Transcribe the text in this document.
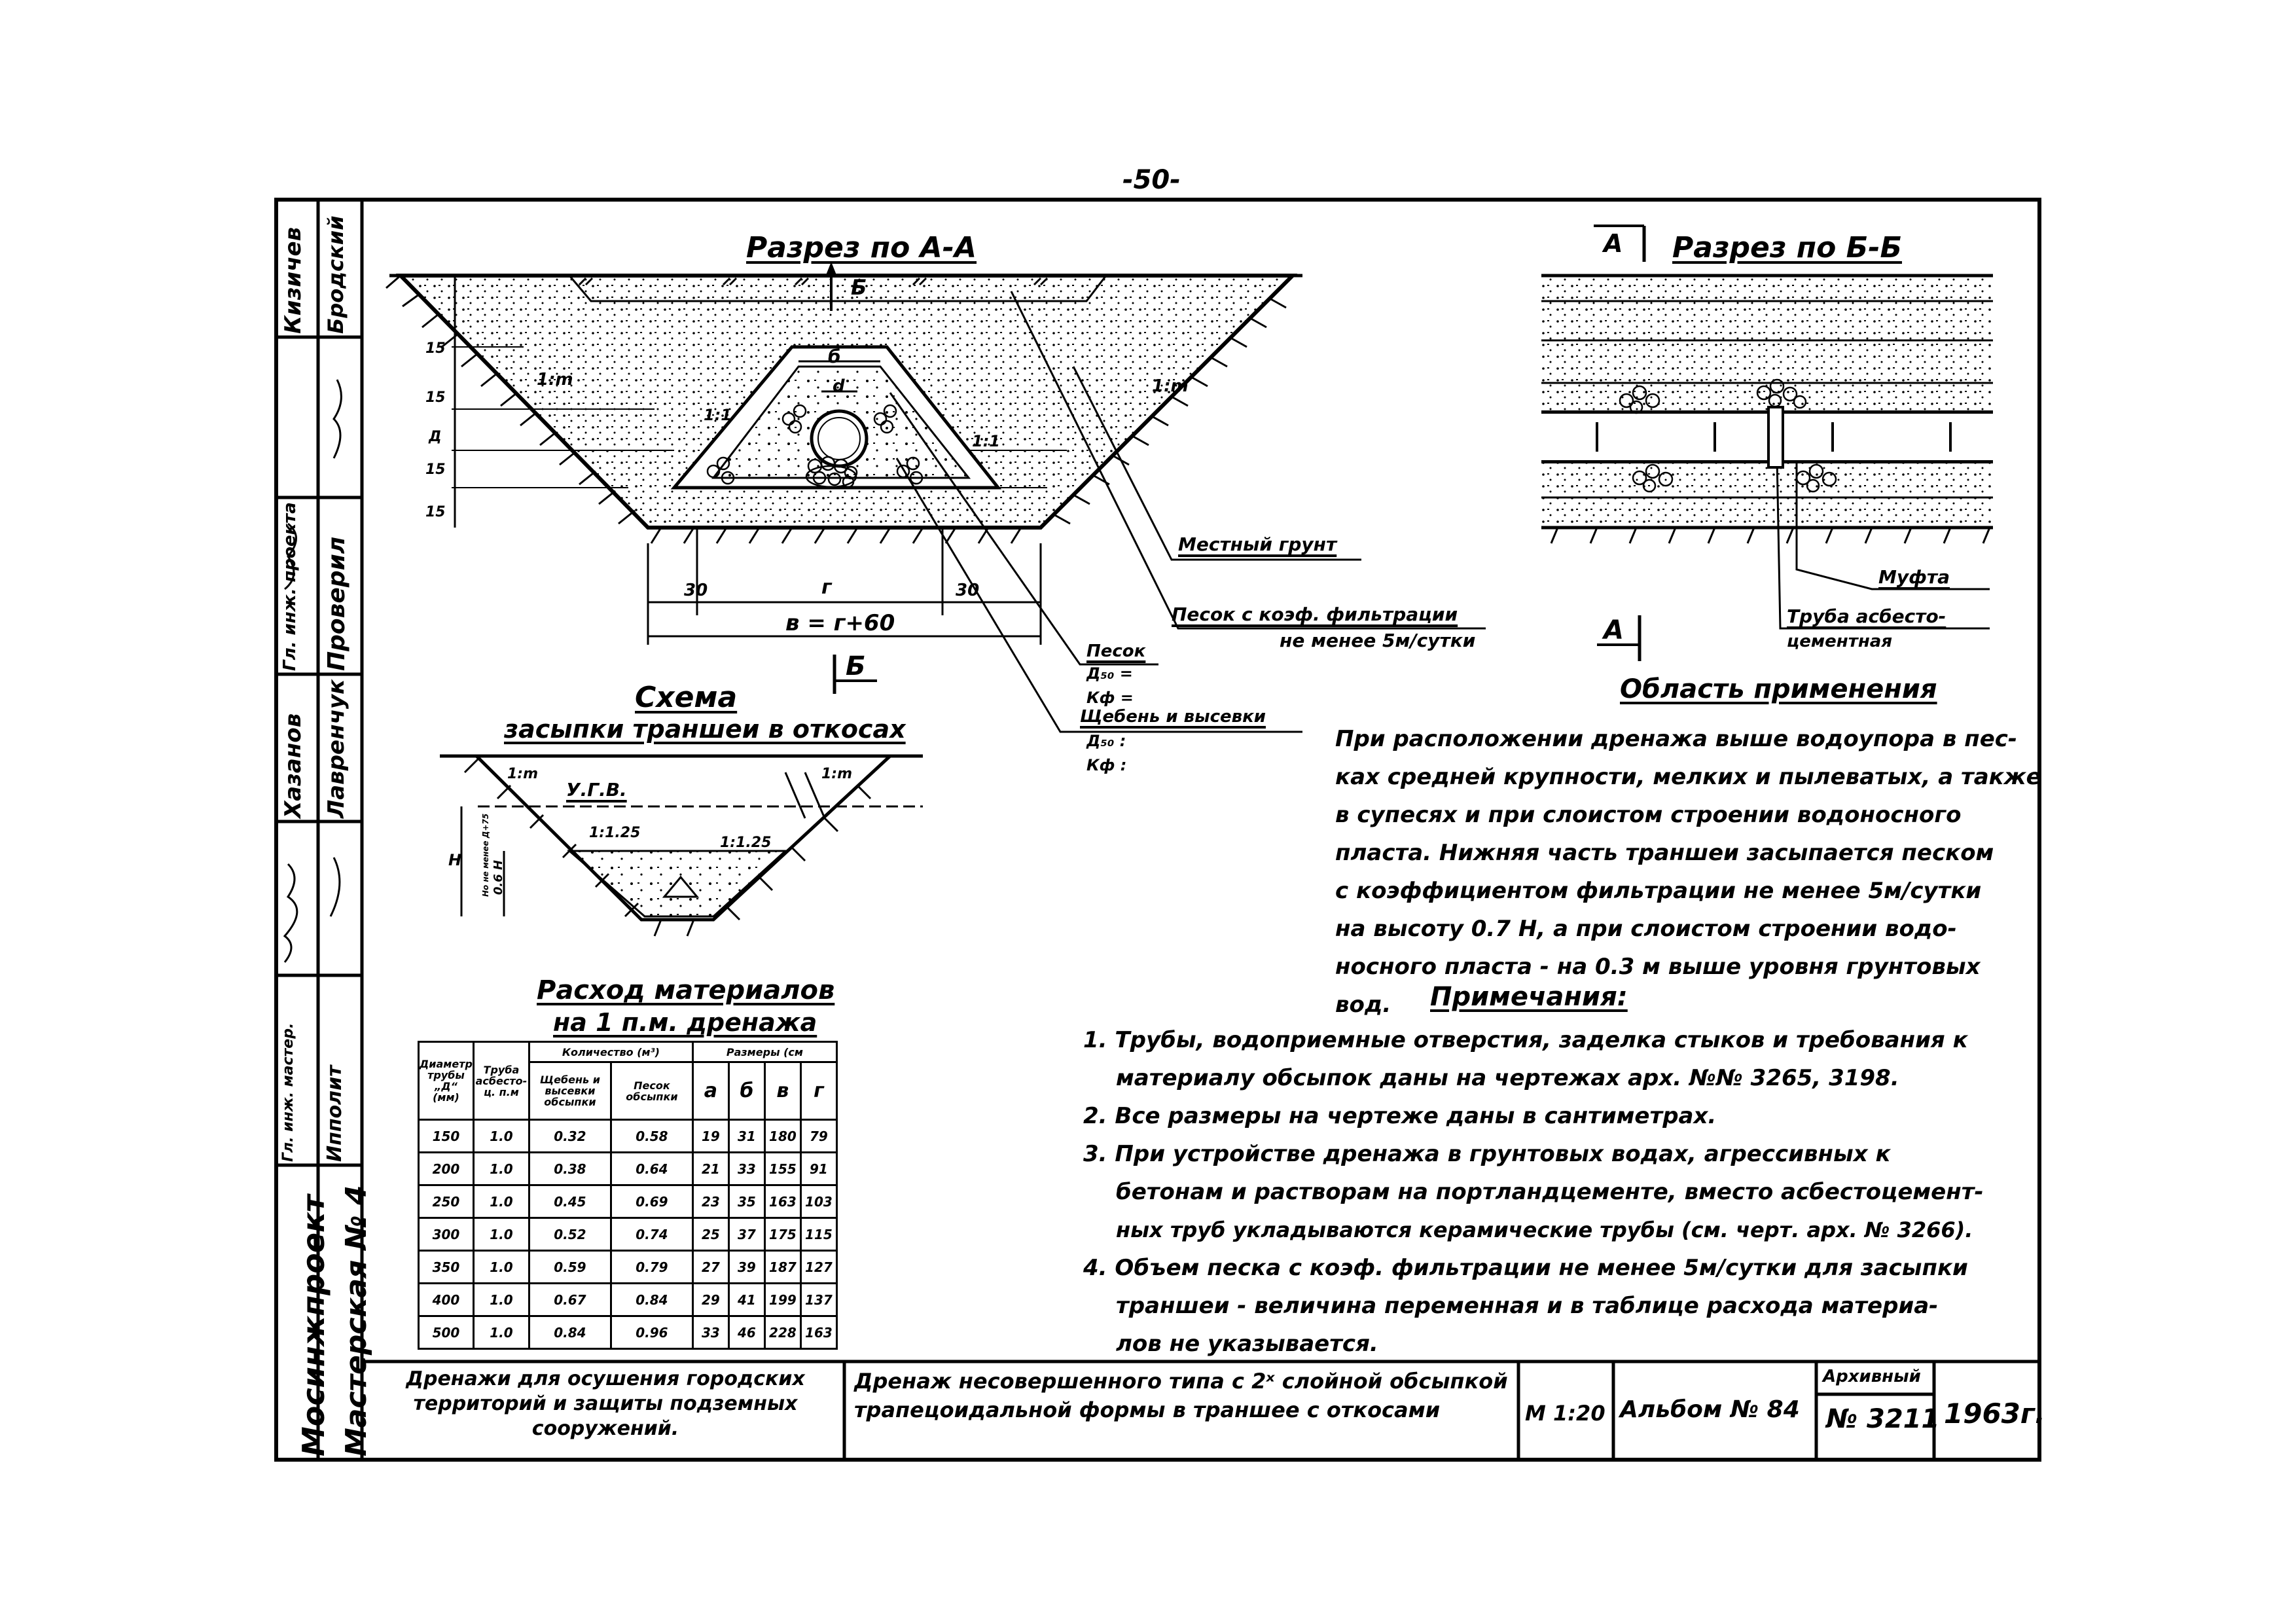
-50-
Разрез по А-А
Б
б
d
1:1
1:m	1:m
1:1
30	г	30
в = г+60
15
15
Д
15
15
Б
А Разрез по Б-Б
А
Местный грунт
Песок с коэф. фильтрации
не менее 5м/сутки
Песок
Д₅₀ =
Кф =
Щебень и высевки
Д₅₀ :
Кф :
Муфта
Труба асбесто-
цементная
Схема
засыпки траншеи в откосах
У.Г.В.
1:m
1:1.25
1:1.25
1:m
Н	0.6 Н
Но не менее Д+75
Область применения
При расположении дренажа выше водоупора в пес-
ках средней крупности, мелких и пылеватых, а также
в супесях и при слоистом строении водоносного
пласта. Нижняя часть траншеи засыпается песком
с коэффициентом фильтрации не менее 5м/сутки
на высоту 0.7 Н, а при слоистом строении водо-
носного пласта - на 0.3 м выше уровня грунтовых
вод. Примечания:
1. Трубы, водоприемные отверстия, заделка стыков и требования к
материалу обсыпок даны на чертежах арх. №№ 3265, 3198.
2. Все размеры на чертеже даны в сантиметрах.
3. При устройстве дренажа в грунтовых водах, агрессивных к
бетонам и растворам на портландцементе, вместо асбестоцемент-
ных труб укладываются керамические трубы (см. черт. арх. № 3266).
4. Объем песка с коэф. фильтрации не менее 5м/сутки для засыпки
траншеи - величина переменная и в таблице расхода материа-
лов не указывается.
Расход материалов
на 1 п.м. дренажа
Диаметр трубы „Д“ (мм)	Труба асбесто-ц. п.м	Количество (м³)		Размеры (см			
		Щебень и высевки обсыпки	Песок обсыпки	а	б	в	г
150	1.0	0.32	0.58	19	31	180	79
200	1.0	0.38	0.64	21	33	155	91
250	1.0	0.45	0.69	23	35	163	103
300	1.0	0.52	0.74	25	37	175	115
350	1.0	0.59	0.79	27	39	187	127
400	1.0	0.67	0.84	29	41	199	137
500	1.0	0.84	0.96	33	46	228	163
Мосинжпроект Мастерская № 4
Гл. инж. мастер. Ипполит
Лавренчук
Гл. инж. проекта Проверил
Бродский
Кизичев
Хазанов
Дренажи для осушения городских территорий и защиты подземных сооружений.
Дренаж несовершенного типа с 2ˣ слойной обсыпкой трапецоидальной формы в траншее с откосами	М 1:20 Альбом № 84
Архивный
№ 3211 1963г.
